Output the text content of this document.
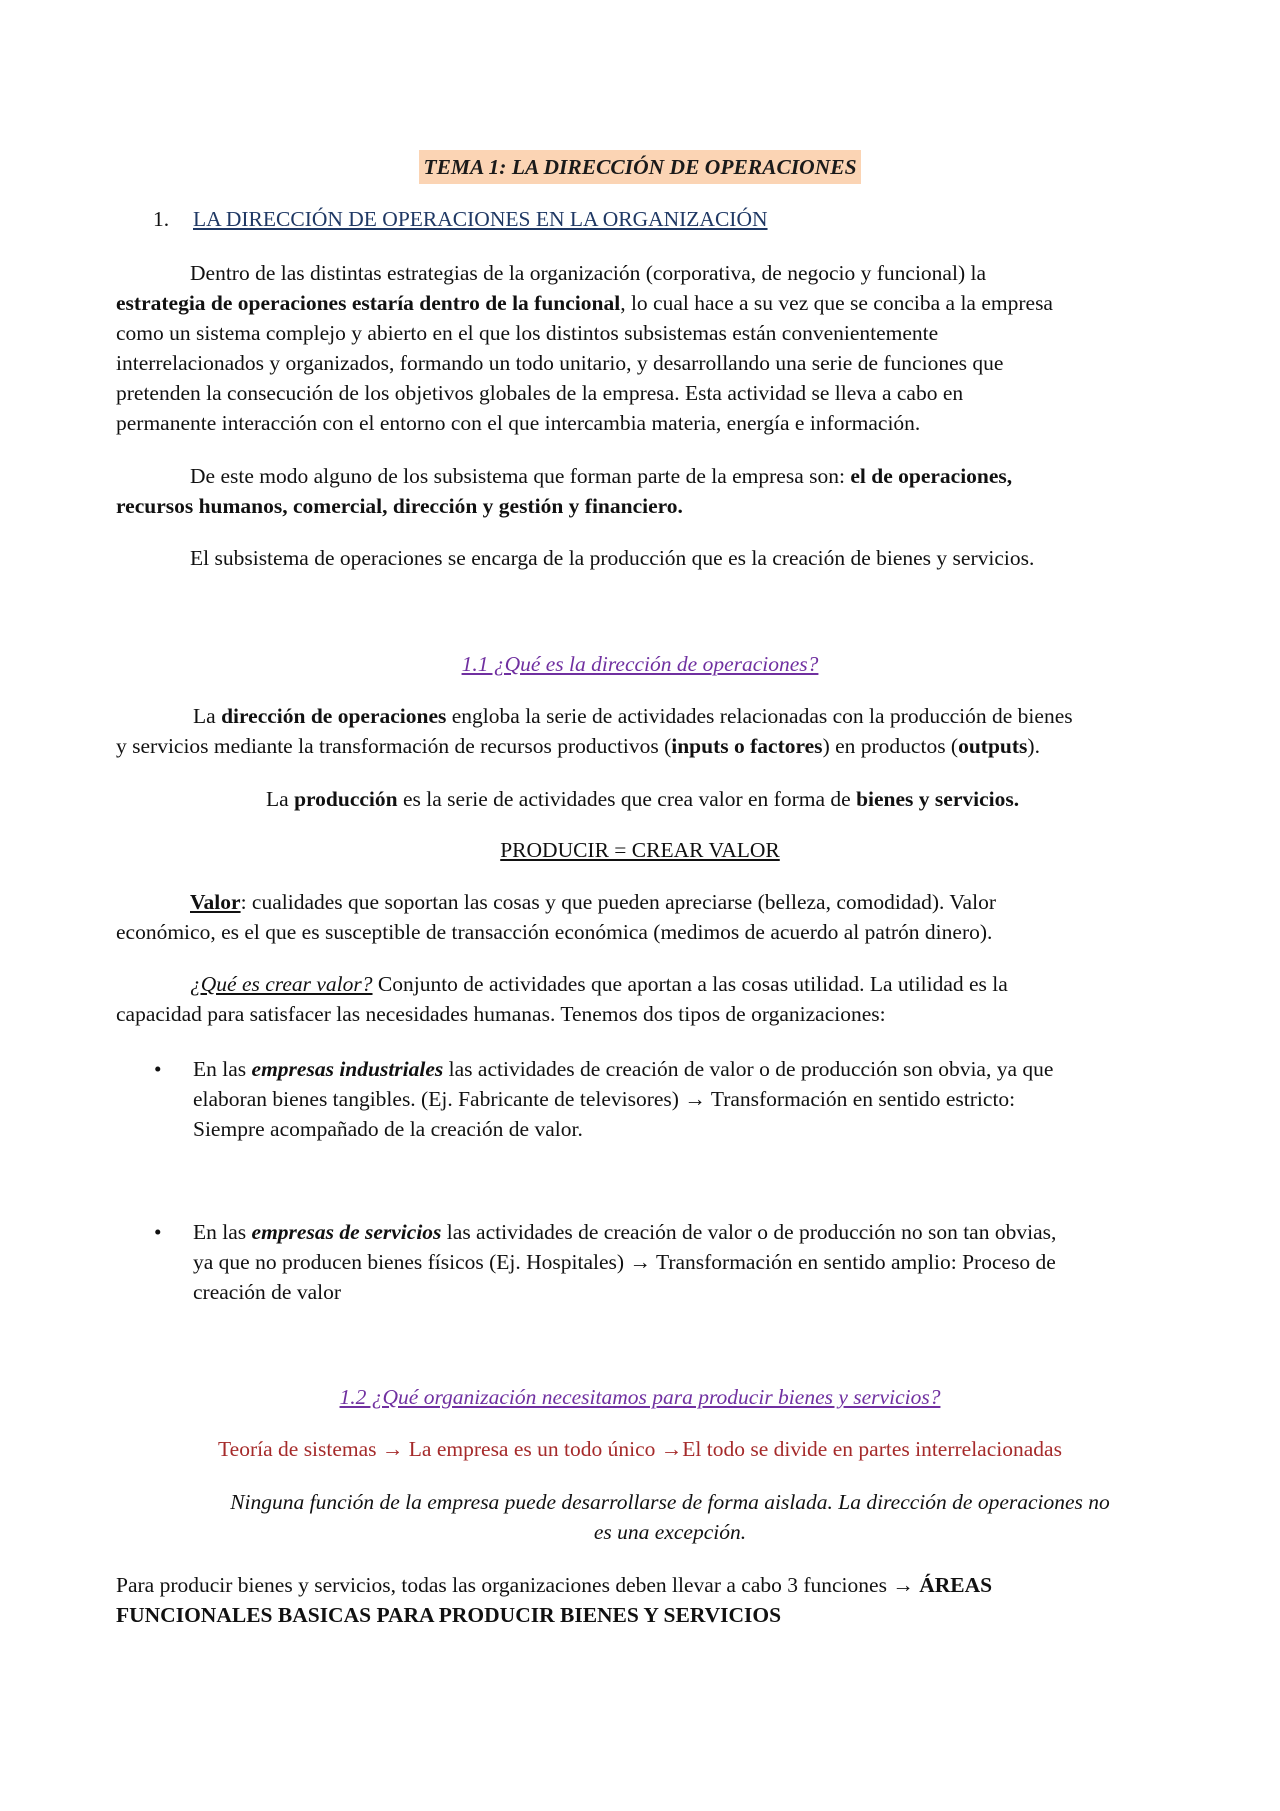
TEMA 1: LA DIRECCIÓN DE OPERACIONES
1. LA DIRECCIÓN DE OPERACIONES EN LA ORGANIZACIÓN
Dentro de las distintas estrategias de la organización (corporativa, de negocio y funcional) la
estrategia de operaciones estaría dentro de la funcional, lo cual hace a su vez que se conciba a la empresa
como un sistema complejo y abierto en el que los distintos subsistemas están convenientemente
interrelacionados y organizados, formando un todo unitario, y desarrollando una serie de funciones que
pretenden la consecución de los objetivos globales de la empresa. Esta actividad se lleva a cabo en
permanente interacción con el entorno con el que intercambia materia, energía e información.
De este modo alguno de los subsistema que forman parte de la empresa son: el de operaciones,
recursos humanos, comercial, dirección y gestión y financiero.
El subsistema de operaciones se encarga de la producción que es la creación de bienes y servicios.
1.1 ¿Qué es la dirección de operaciones?
La dirección de operaciones engloba la serie de actividades relacionadas con la producción de bienes
y servicios mediante la transformación de recursos productivos (inputs o factores) en productos (outputs).
La producción es la serie de actividades que crea valor en forma de bienes y servicios.
PRODUCIR = CREAR VALOR
Valor: cualidades que soportan las cosas y que pueden apreciarse (belleza, comodidad). Valor
económico, es el que es susceptible de transacción económica (medimos de acuerdo al patrón dinero).
¿Qué es crear valor? Conjunto de actividades que aportan a las cosas utilidad. La utilidad es la
capacidad para satisfacer las necesidades humanas. Tenemos dos tipos de organizaciones:
• En las empresas industriales las actividades de creación de valor o de producción son obvia, ya que
elaboran bienes tangibles. (Ej. Fabricante de televisores) → Transformación en sentido estricto:
Siempre acompañado de la creación de valor.
• En las empresas de servicios las actividades de creación de valor o de producción no son tan obvias,
ya que no producen bienes físicos (Ej. Hospitales) → Transformación en sentido amplio: Proceso de
creación de valor
1.2 ¿Qué organización necesitamos para producir bienes y servicios?
Teoría de sistemas → La empresa es un todo único →El todo se divide en partes interrelacionadas
Ninguna función de la empresa puede desarrollarse de forma aislada. La dirección de operaciones no
es una excepción.
Para producir bienes y servicios, todas las organizaciones deben llevar a cabo 3 funciones → ÁREAS
FUNCIONALES BASICAS PARA PRODUCIR BIENES Y SERVICIOS
